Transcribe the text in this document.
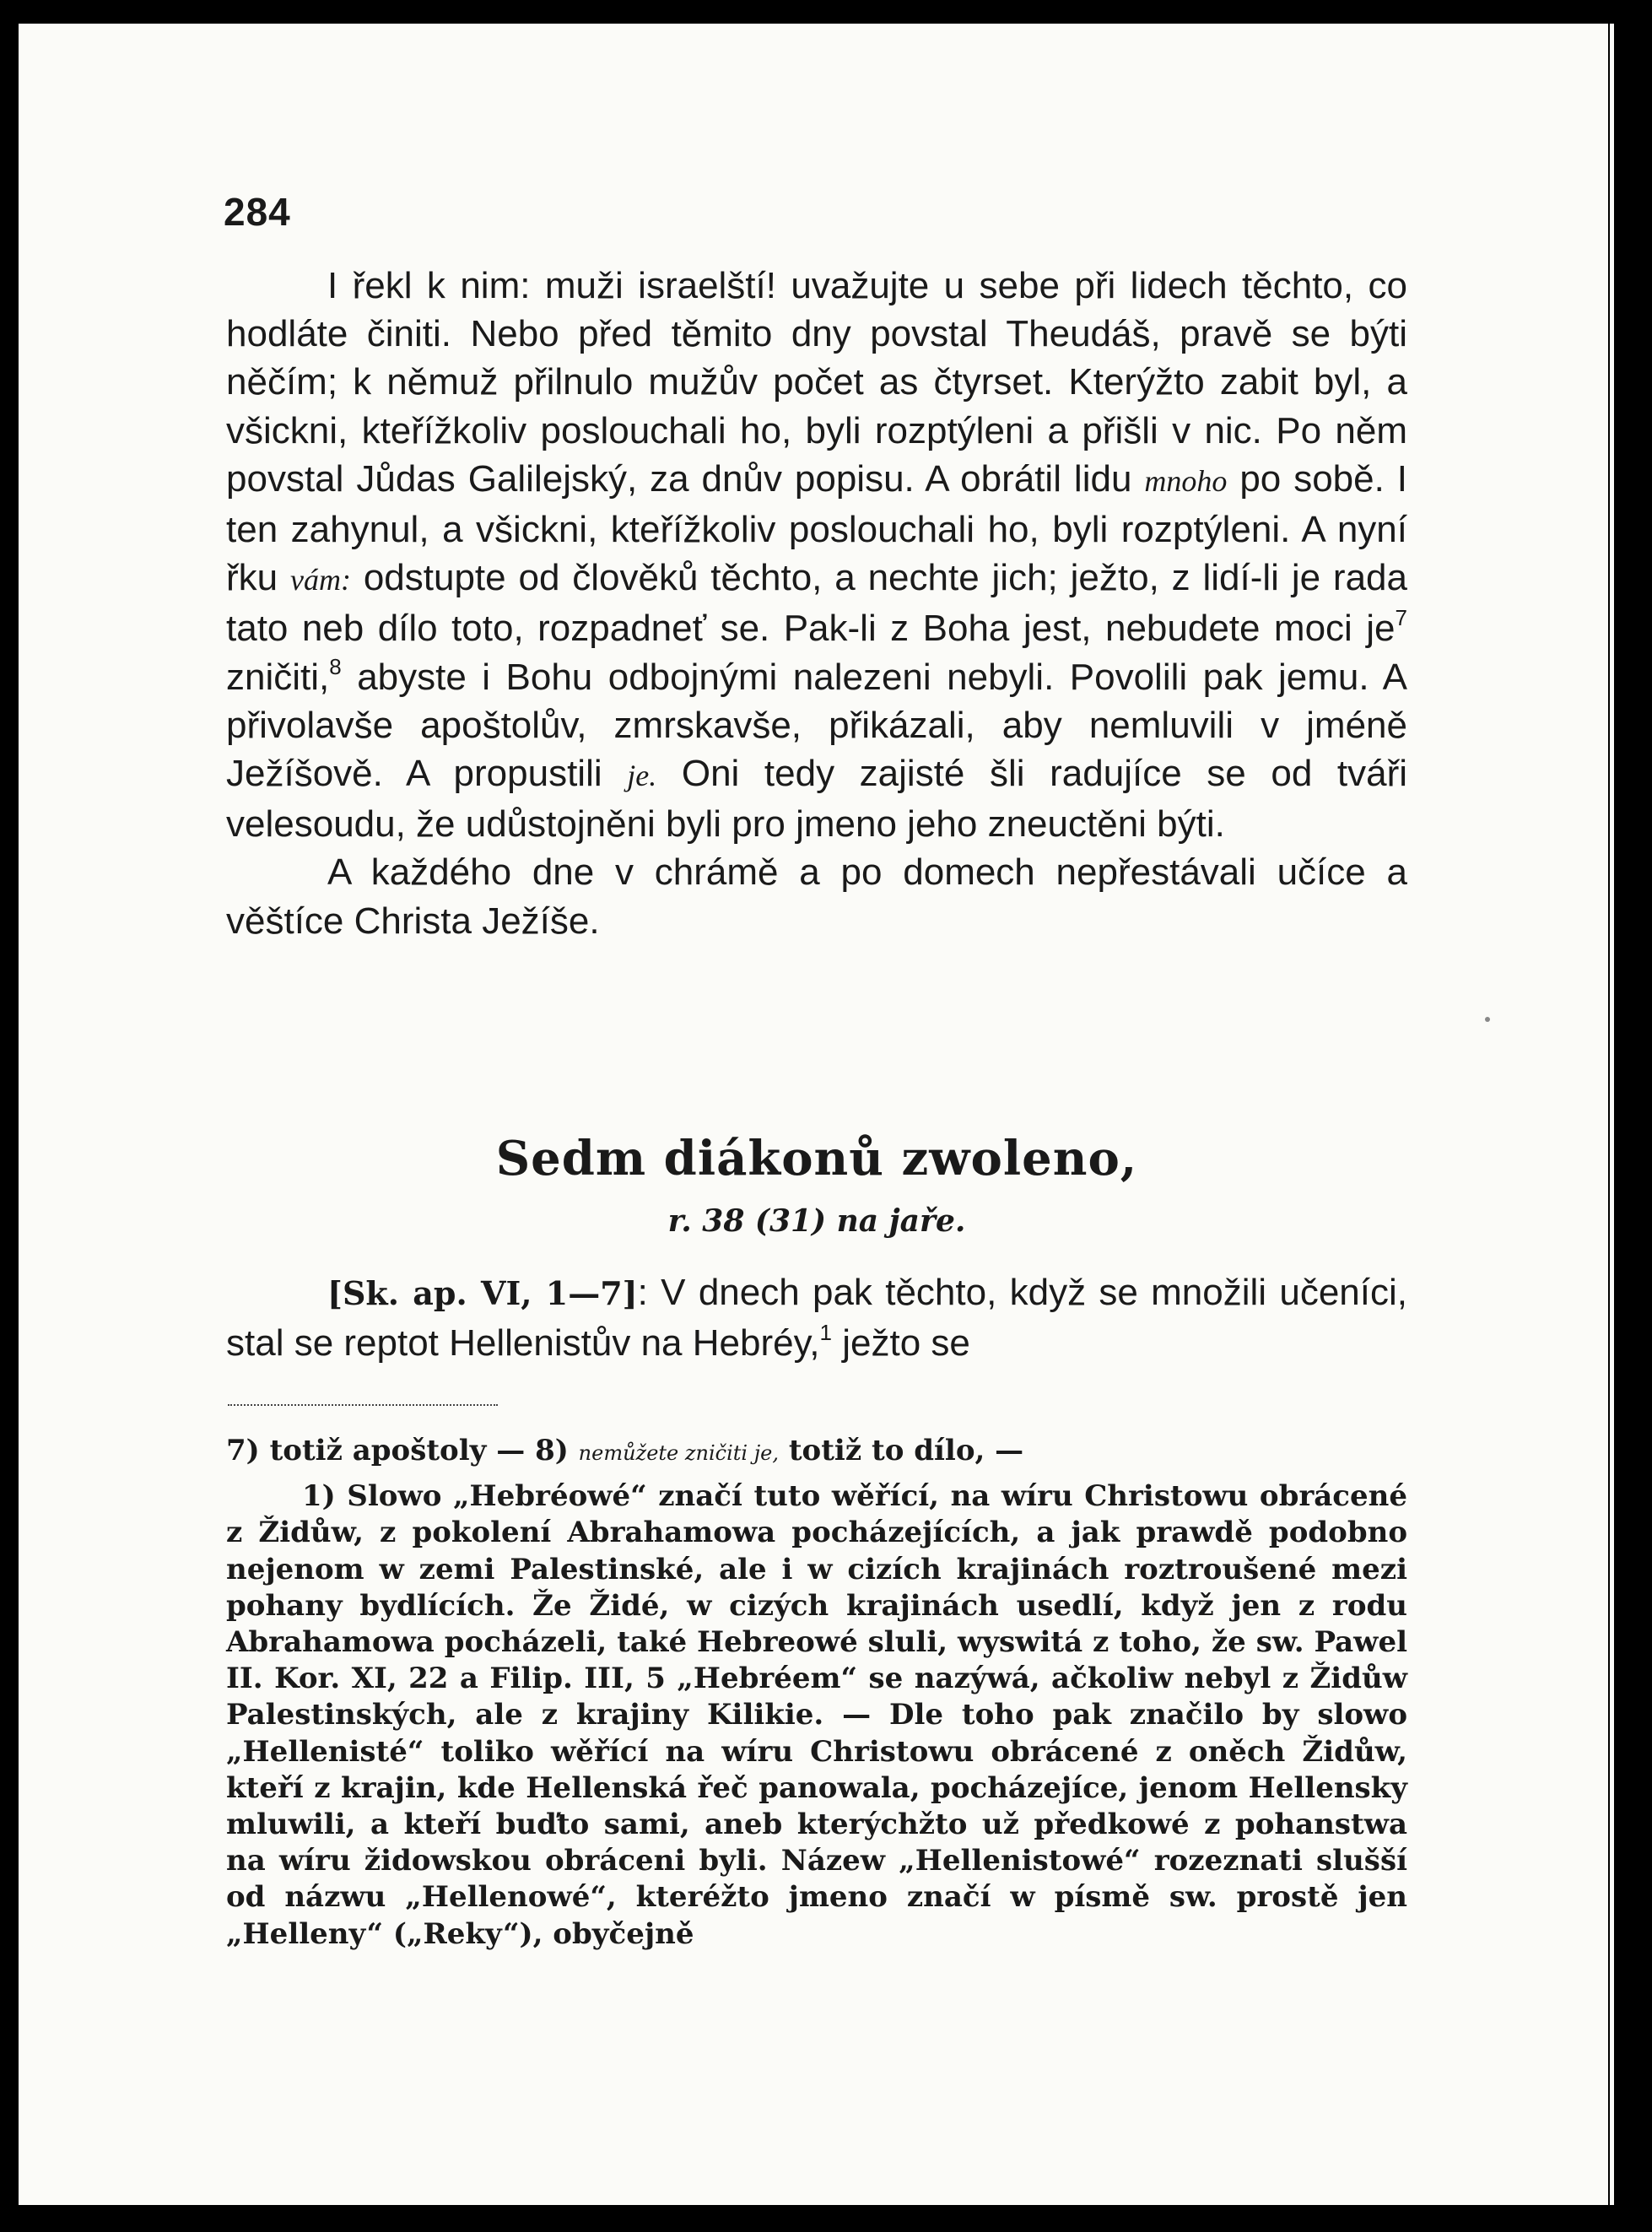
284

I řekl k nim: muži israelští! uvažujte u sebe při lidech těchto, co hodláte činiti. Nebo před těmito dny povstal Theudáš, pravě se býti něčím; k němuž přilnulo mužův počet as čtyrset. Kterýžto zabit byl, a všickni, kteřížkoliv poslouchali ho, byli rozptýleni a přišli v nic. Po něm povstal Jůdas Galilejský, za dnův popisu. A obrátil lidu mnoho po sobě. I ten zahynul, a všickni, kteřížkoliv poslouchali ho, byli rozptýleni. A nyní řku vám: odstupte od člověků těchto, a nechte jich; ježto, z lidí-li je rada tato neb dílo toto, rozpadneť se. Pak-li z Boha jest, nebudete moci $je^7$ zničiti,$^8$ abyste i Bohu odbojnými nalezeni nebyli. Povolili pak jemu. A přivolavše apoštolův, zmrskavše, přikázali, aby nemluvili v jméně Ježíšově. A propustili je. Oni tedy zajisté šli radujíce se od tváři velesoudu, že udůstojněni byli pro jmeno jeho zneuctěni býti.

A každého dne v chrámě a po domech nepřestávali učíce a věštíce Christa Ježíše.

Sedm diákonů zwoleno,
r. 38 (31) na jaře.

[Sk. ap. VI, 1—7]: V dnech pak těchto, když se množili učeníci, stal se reptot Hellenistův na Hebréy,$^1$ ježto se

7) totiž apoštoly — 8) nemůžete zničiti je, totiž to dílo, —

1) Slowo „Hebréowé“ značí tuto wěřící, na wíru Christowu obrácené z Židůw, z pokolení Abrahamowa pocházejících, a jak prawdě podobno nejenom w zemi Palestinské, ale i w cizích krajinách roztroušené mezi pohany bydlících. Že Židé, w cizých krajinách usedlí, když jen z rodu Abrahamowa pocházeli, také Hebreowé sluli, wyswitá z toho, že sw. Pawel II. Kor. XI, 22 a Filip. III, 5 „Hebréem“ se nazýwá, ačkoliw nebyl z Židůw Palestinských, ale z krajiny Kilikie. — Dle toho pak značilo by slowo „Hellenisté“ toliko wěřící na wíru Christowu obrácené z oněch Židůw, kteří z krajin, kde Hellenská řeč panowala, pocházejíce, jenom Hellensky mluwili, a kteří buďto sami, aneb kterýchžto už předkowé z pohanstwa na wíru židowskou obráceni byli. Názew „Hellenistowé“ rozeznati slušší od názwu „Hellenowé“, kteréžto jmeno značí w písmě sw. prostě jen „Helleny“ („Reky“), obyčejně
